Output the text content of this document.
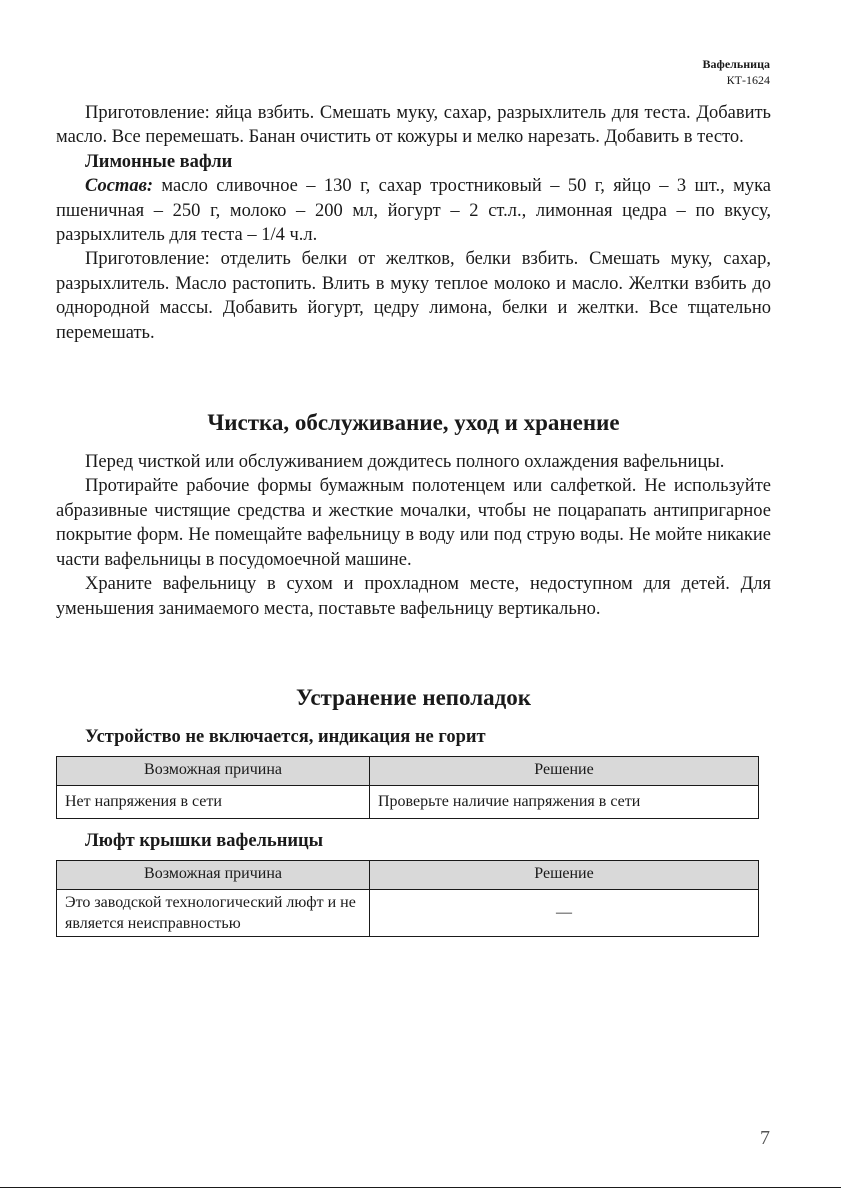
Вафельница
КТ-1624

Приготовление: яйца взбить. Смешать муку, сахар, разрыхлитель для теста. Добавить масло. Все перемешать. Банан очистить от кожуры и мелко нарезать. Добавить в тесто.

Лимонные вафли

Состав: масло сливочное – 130 г, сахар тростниковый – 50 г, яйцо – 3 шт., мука пшеничная – 250 г, молоко – 200 мл, йогурт – 2 ст.л., лимонная цедра – по вкусу, разрыхлитель для теста – 1/4 ч.л.

Приготовление: отделить белки от желтков, белки взбить. Смешать муку, сахар, разрыхлитель. Масло растопить. Влить в муку теплое молоко и масло. Желтки взбить до однородной массы. Добавить йогурт, цедру лимона, белки и желтки. Все тщательно перемешать.

Чистка, обслуживание, уход и хранение

Перед чисткой или обслуживанием дождитесь полного охлаждения вафельницы.

Протирайте рабочие формы бумажным полотенцем или салфеткой. Не используйте абразивные чистящие средства и жесткие мочалки, чтобы не поцарапать антипригарное покрытие форм. Не помещайте вафельницу в воду или под струю воды. Не мойте никакие части вафельницы в посудомоечной машине.

Храните вафельницу в сухом и прохладном месте, недоступном для детей. Для уменьшения занимаемого места, поставьте вафельницу вертикально.

Устранение неполадок
Устройство не включается, индикация не горит
Возможная причина	Решение
Нет напряжения в сети	Проверьте наличие напряжения в сети
Люфт крышки вафельницы
Возможная причина	Решение
Это заводской технологический люфт и не является неисправностью	—
7
